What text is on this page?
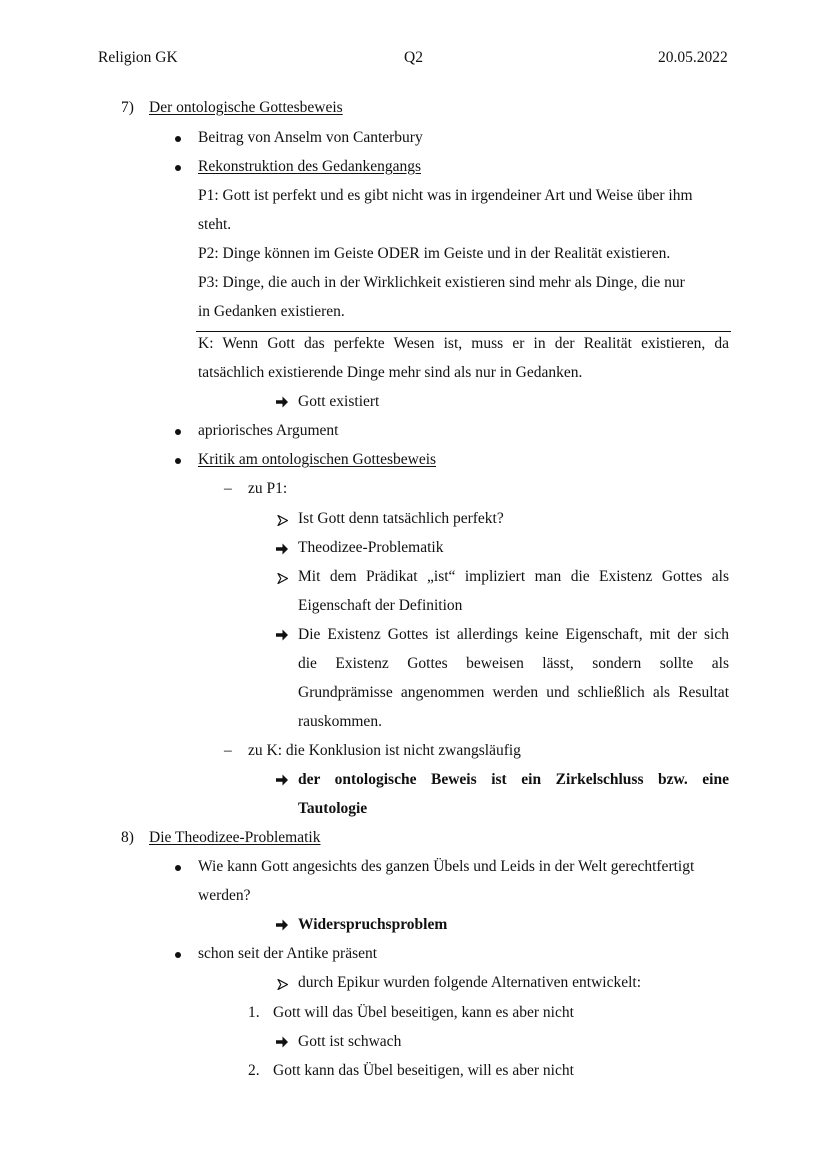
Religion GK	Q2	20.05.2022
7) Der ontologische Gottesbeweis
Beitrag von Anselm von Canterbury
Rekonstruktion des Gedankengangs
P1: Gott ist perfekt und es gibt nicht was in irgendeiner Art und Weise über ihm
steht.
P2: Dinge können im Geiste ODER im Geiste und in der Realität existieren.
P3: Dinge, die auch in der Wirklichkeit existieren sind mehr als Dinge, die nur
in Gedanken existieren.
K: Wenn Gott das perfekte Wesen ist, muss er in der Realität existieren, da
tatsächlich existierende Dinge mehr sind als nur in Gedanken.
Gott existiert
apriorisches Argument
Kritik am ontologischen Gottesbeweis
– zu P1:
Ist Gott denn tatsächlich perfekt?
Theodizee-Problematik
Mit dem Prädikat „ist“ impliziert man die Existenz Gottes als
Eigenschaft der Definition
Die Existenz Gottes ist allerdings keine Eigenschaft, mit der sich
die Existenz Gottes beweisen lässt, sondern sollte als
Grundprämisse angenommen werden und schließlich als Resultat
rauskommen.
– zu K: die Konklusion ist nicht zwangsläufig
der ontologische Beweis ist ein Zirkelschluss bzw. eine
Tautologie
8) Die Theodizee-Problematik
Wie kann Gott angesichts des ganzen Übels und Leids in der Welt gerechtfertigt
werden?
Widerspruchsproblem
schon seit der Antike präsent
durch Epikur wurden folgende Alternativen entwickelt:
1. Gott will das Übel beseitigen, kann es aber nicht
Gott ist schwach
2. Gott kann das Übel beseitigen, will es aber nicht
